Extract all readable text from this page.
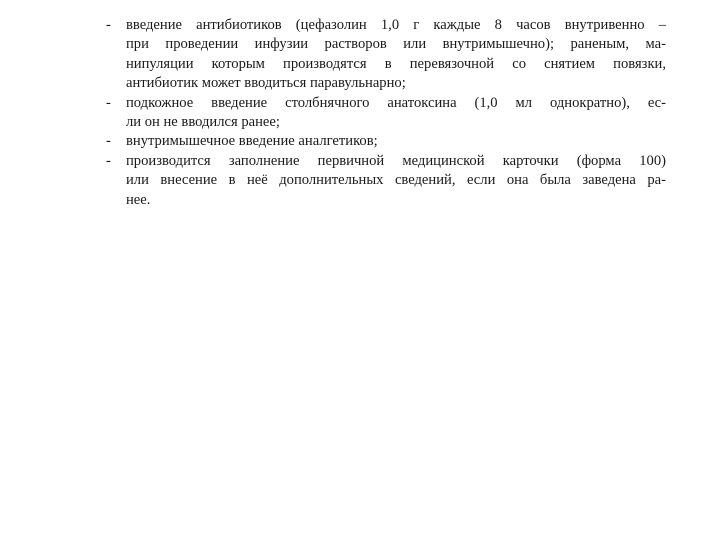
-	введение антибиотиков (цефазолин 1,0 г каждые 8 часов внутривенно –
при проведении инфузии растворов или внутримышечно); раненым, ма-
нипуляции которым производятся в перевязочной со снятием повязки,
антибиотик может вводиться паравульнарно;
-	подкожное введение столбнячного анатоксина (1,0 мл однократно), ес-
ли он не вводился ранее;
-	внутримышечное введение аналгетиков;
-	производится заполнение первичной медицинской карточки (форма 100)
или внесение в неё дополнительных сведений, если она была заведена ра-
нее.
